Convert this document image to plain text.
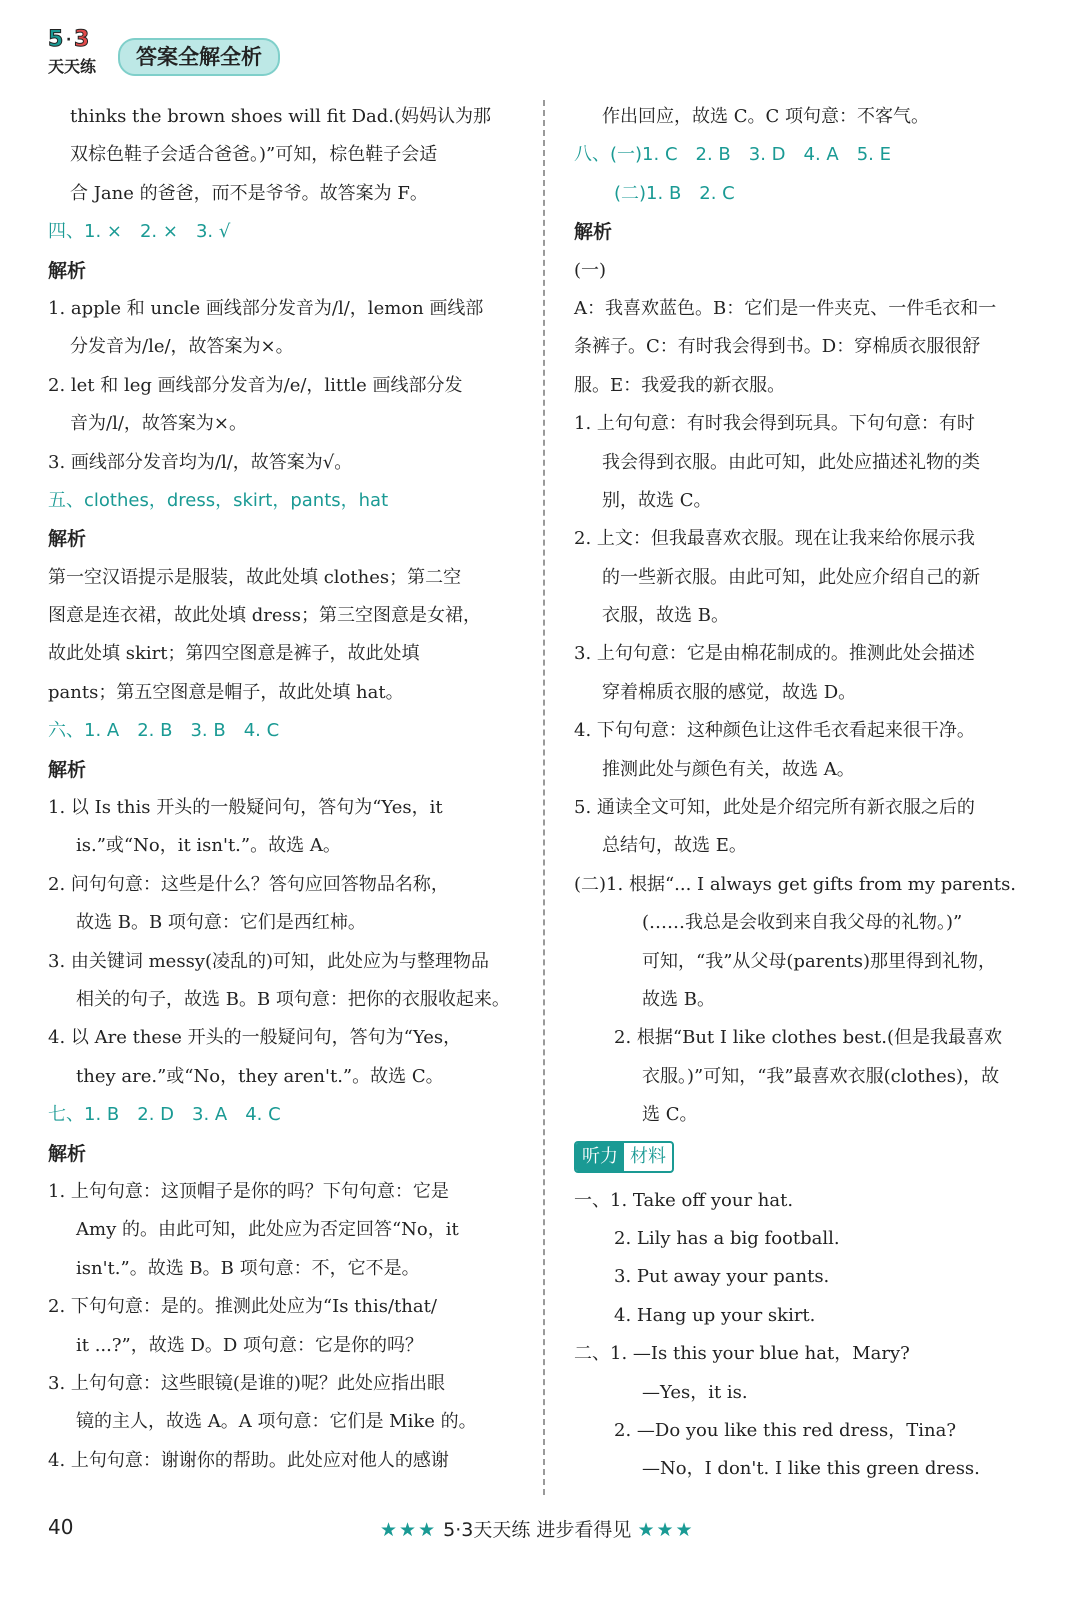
5 · 3
天天练	答案全解全析
thinks the brown shoes will fit Dad.(妈妈认为那
双棕色鞋子会适合爸爸。)”可知，棕色鞋子会适
合 Jane 的爸爸，而不是爷爷。故答案为 F。
四、1. ×　2. ×　3. √
解析
1. apple 和 uncle 画线部分发音为/l/，lemon 画线部
分发音为/le/，故答案为×。
2. let 和 leg 画线部分发音为/e/，little 画线部分发
音为/l/，故答案为×。
3. 画线部分发音均为/l/，故答案为√。
五、clothes，dress，skirt，pants，hat
解析
第一空汉语提示是服装，故此处填 clothes；第二空
图意是连衣裙，故此处填 dress；第三空图意是女裙，
故此处填 skirt；第四空图意是裤子，故此处填
pants；第五空图意是帽子，故此处填 hat。
六、1. A　2. B　3. B　4. C
解析
1. 以 Is this 开头的一般疑问句，答句为“Yes，it
is.”或“No，it isn't.”。故选 A。
2. 问句句意：这些是什么？答句应回答物品名称，
故选 B。B 项句意：它们是西红柿。
3. 由关键词 messy(凌乱的)可知，此处应为与整理物品
相关的句子，故选 B。B 项句意：把你的衣服收起来。
4. 以 Are these 开头的一般疑问句，答句为“Yes，
they are.”或“No，they aren't.”。故选 C。
七、1. B　2. D　3. A　4. C
解析
1. 上句句意：这顶帽子是你的吗？下句句意：它是
Amy 的。由此可知，此处应为否定回答“No，it
isn't.”。故选 B。B 项句意：不，它不是。
2. 下句句意：是的。推测此处应为“Is this/that/
it ...?”，故选 D。D 项句意：它是你的吗？
3. 上句句意：这些眼镜(是谁的)呢？此处应指出眼
镜的主人，故选 A。A 项句意：它们是 Mike 的。
4. 上句句意：谢谢你的帮助。此处应对他人的感谢
作出回应，故选 C。C 项句意：不客气。
八、(一)1. C　2. B　3. D　4. A　5. E
(二)1. B　2. C
解析
(一)
A：我喜欢蓝色。B：它们是一件夹克、一件毛衣和一
条裤子。C：有时我会得到书。D：穿棉质衣服很舒
服。E：我爱我的新衣服。
1. 上句句意：有时我会得到玩具。下句句意：有时
我会得到衣服。由此可知，此处应描述礼物的类
别，故选 C。
2. 上文：但我最喜欢衣服。现在让我来给你展示我
的一些新衣服。由此可知，此处应介绍自己的新
衣服，故选 B。
3. 上句句意：它是由棉花制成的。推测此处会描述
穿着棉质衣服的感觉，故选 D。
4. 下句句意：这种颜色让这件毛衣看起来很干净。
推测此处与颜色有关，故选 A。
5. 通读全文可知，此处是介绍完所有新衣服之后的
总结句，故选 E。
(二)1. 根据“... I always get gifts from my parents.
(……我总是会收到来自我父母的礼物。)”
可知，“我”从父母(parents)那里得到礼物，
故选 B。
2. 根据“But I like clothes best.(但是我最喜欢
衣服。)”可知，“我”最喜欢衣服(clothes)，故
选 C。
听力 材料
一、1. Take off your hat.
2. Lily has a big football.
3. Put away your pants.
4. Hang up your skirt.
二、1. —Is this your blue hat，Mary?
—Yes，it is.
2. —Do you like this red dress，Tina?
—No，I don't. I like this green dress.
40	★★★ 5·3天天练 进步看得见 ★★★
